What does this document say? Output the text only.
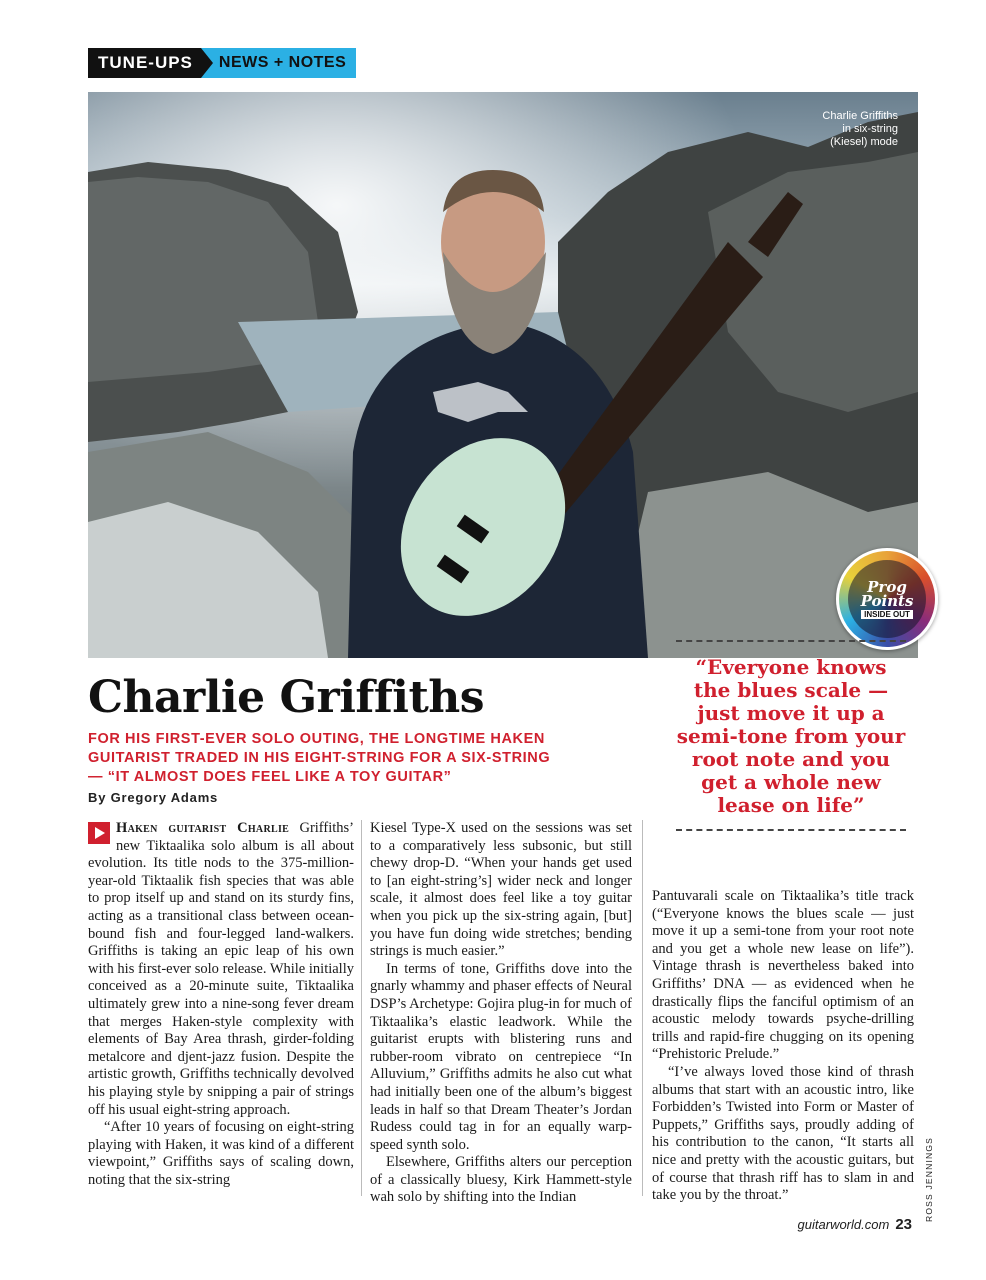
TUNE-UPS	NEWS + NOTES
Charlie Griffiths
in six-string
(Kiesel) mode
Prog
Points
INSIDE OUT
“Everyone knows the blues scale — just move it up a semi-tone from your root note and you get a whole new lease on life”
Charlie Griffiths
FOR HIS FIRST-EVER SOLO OUTING, THE LONGTIME HAKEN GUITARIST TRADED IN HIS EIGHT-STRING FOR A SIX-STRING — “IT ALMOST DOES FEEL LIKE A TOY GUITAR”
By Gregory Adams

Haken guitarist Charlie Griffiths’ new Tiktaalika solo album is all about evolution. Its title nods to the 375-million-year-old Tiktaalik fish species that was able to prop itself up and stand on its sturdy fins, acting as a transitional class between ocean-bound fish and four-legged land-walkers. Griffiths is taking an epic leap of his own with his first-ever solo release. While initially conceived as a 20-minute suite, Tiktaalika ultimately grew into a nine-song fever dream that merges Haken-style complexity with elements of Bay Area thrash, girder-folding metalcore and djent-jazz fusion. Despite the artistic growth, Griffiths technically devolved his playing style by snipping a pair of strings off his usual eight-string approach.

“After 10 years of focusing on eight-string playing with Haken, it was kind of a different viewpoint,” Griffiths says of scaling down, noting that the six-string

Kiesel Type-X used on the sessions was set to a comparatively less subsonic, but still chewy drop-D. “When your hands get used to [an eight-string’s] wider neck and longer scale, it almost does feel like a toy guitar when you pick up the six-string again, [but] you have fun doing wide stretches; bending strings is much easier.”

In terms of tone, Griffiths dove into the gnarly whammy and phaser effects of Neural DSP’s Archetype: Gojira plug-in for much of Tiktaalika’s elastic leadwork. While the guitarist erupts with blistering runs and rubber-room vibrato on centrepiece “In Alluvium,” Griffiths admits he also cut what had initially been one of the album’s biggest leads in half so that Dream Theater’s Jordan Rudess could tag in for an equally warp-speed synth solo.

Elsewhere, Griffiths alters our perception of a classically bluesy, Kirk Hammett-style wah solo by shifting into the Indian

Pantuvarali scale on Tiktaalika’s title track (“Everyone knows the blues scale — just move it up a semi-tone from your root note and you get a whole new lease on life”). Vintage thrash is nevertheless baked into Griffiths’ DNA — as evidenced when he drastically flips the fanciful optimism of an acoustic melody towards psyche-drilling trills and rapid-fire chugging on its opening “Prehistoric Prelude.”

“I’ve always loved those kind of thrash albums that start with an acoustic intro, like Forbidden’s Twisted into Form or Master of Puppets,” Griffiths says, proudly adding of his contribution to the canon, “It starts all nice and pretty with the acoustic guitars, but of course that thrash riff has to slam in and take you by the throat.”

guitarworld.com 23
ROSS JENNINGS
